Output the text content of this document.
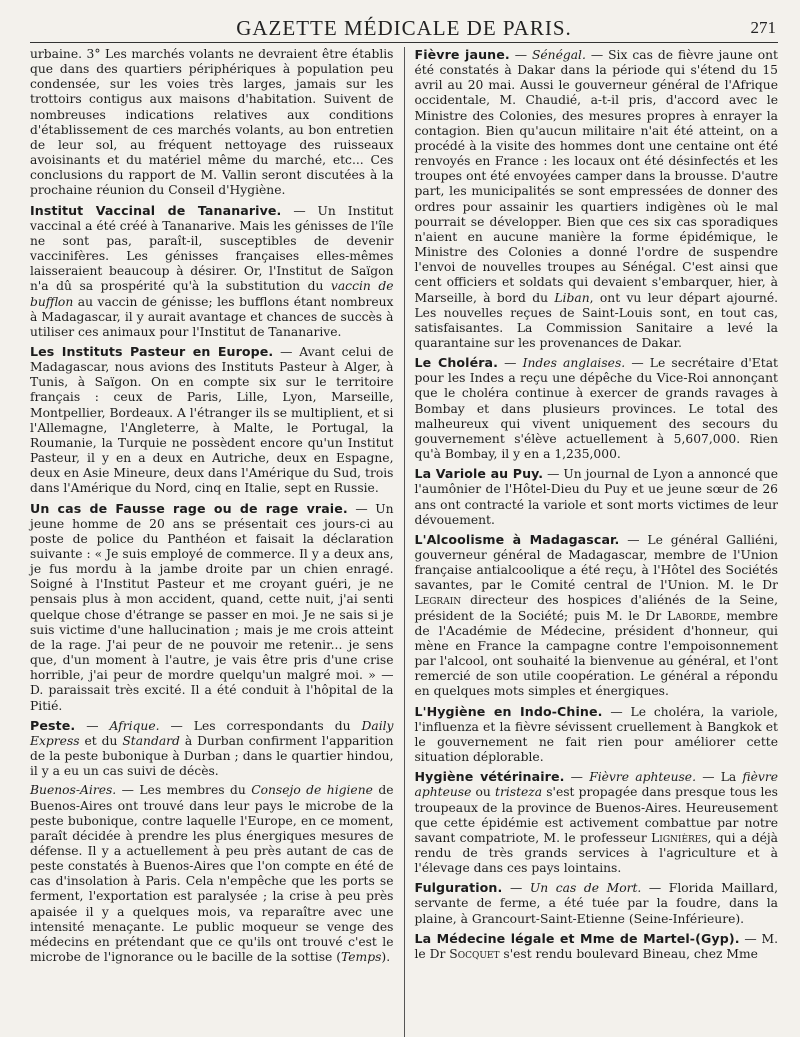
GAZETTE MÉDICALE DE PARIS.	271

urbaine. 3° Les marchés volants ne devraient être établis que dans des quartiers périphériques à population peu condensée, sur les voies très larges, jamais sur les trottoirs contigus aux maisons d'habitation. Suivent de nombreuses indications relatives aux conditions d'établissement de ces marchés volants, au bon entretien de leur sol, au fréquent nettoyage des ruisseaux avoisinants et du matériel même du marché, etc... Ces conclusions du rapport de M. Vallin seront discutées à la prochaine réunion du Conseil d'Hygiène.

Institut Vaccinal de Tananarive. — Un Institut vaccinal a été créé à Tananarive. Mais les génisses de l'île ne sont pas, paraît-il, susceptibles de devenir vaccinifères. Les génisses françaises elles-mêmes laisseraient beaucoup à désirer. Or, l'Institut de Saïgon n'a dû sa prospérité qu'à la substitution du vaccin de bufflon au vaccin de génisse; les bufflons étant nombreux à Madagascar, il y aurait avantage et chances de succès à utiliser ces animaux pour l'Institut de Tananarive.

Les Instituts Pasteur en Europe. — Avant celui de Madagascar, nous avions des Instituts Pasteur à Alger, à Tunis, à Saïgon. On en compte six sur le territoire français : ceux de Paris, Lille, Lyon, Marseille, Montpellier, Bordeaux. A l'étranger ils se multiplient, et si l'Allemagne, l'Angleterre, à Malte, le Portugal, la Roumanie, la Turquie ne possèdent encore qu'un Institut Pasteur, il y en a deux en Autriche, deux en Espagne, deux en Asie Mineure, deux dans l'Amérique du Sud, trois dans l'Amérique du Nord, cinq en Italie, sept en Russie.

Un cas de Fausse rage ou de rage vraie. — Un jeune homme de 20 ans se présentait ces jours-ci au poste de police du Panthéon et faisait la déclaration suivante : « Je suis employé de commerce. Il y a deux ans, je fus mordu à la jambe droite par un chien enragé. Soigné à l'Institut Pasteur et me croyant guéri, je ne pensais plus à mon accident, quand, cette nuit, j'ai senti quelque chose d'étrange se passer en moi. Je ne sais si je suis victime d'une hallucination ; mais je me crois atteint de la rage. J'ai peur de ne pouvoir me retenir... je sens que, d'un moment à l'autre, je vais être pris d'une crise horrible, j'ai peur de mordre quelqu'un malgré moi. » — D. paraissait très excité. Il a été conduit à l'hôpital de la Pitié.

Peste. — Afrique. — Les correspondants du Daily Express et du Standard à Durban confirment l'apparition de la peste bubonique à Durban ; dans le quartier hindou, il y a eu un cas suivi de décès.

Buenos-Aires. — Les membres du Consejo de higiene de Buenos-Aires ont trouvé dans leur pays le microbe de la peste bubonique, contre laquelle l'Europe, en ce moment, paraît décidée à prendre les plus énergiques mesures de défense. Il y a actuellement à peu près autant de cas de peste constatés à Buenos-Aires que l'on compte en été de cas d'insolation à Paris. Cela n'empêche que les ports se ferment, l'exportation est paralysée ; la crise à peu près apaisée il y a quelques mois, va reparaître avec une intensité menaçante. Le public moqueur se venge des médecins en prétendant que ce qu'ils ont trouvé c'est le microbe de l'ignorance ou le bacille de la sottise (Temps).

Fièvre jaune. — Sénégal. — Six cas de fièvre jaune ont été constatés à Dakar dans la période qui s'étend du 15 avril au 20 mai. Aussi le gouverneur général de l'Afrique occidentale, M. Chaudié, a-t-il pris, d'accord avec le Ministre des Colonies, des mesures propres à enrayer la contagion. Bien qu'aucun militaire n'ait été atteint, on a procédé à la visite des hommes dont une centaine ont été renvoyés en France : les locaux ont été désinfectés et les troupes ont été envoyées camper dans la brousse. D'autre part, les municipalités se sont empressées de donner des ordres pour assainir les quartiers indigènes où le mal pourrait se développer. Bien que ces six cas sporadiques n'aient en aucune manière la forme épidémique, le Ministre des Colonies a donné l'ordre de suspendre l'envoi de nouvelles troupes au Sénégal. C'est ainsi que cent officiers et soldats qui devaient s'embarquer, hier, à Marseille, à bord du Liban, ont vu leur départ ajourné. Les nouvelles reçues de Saint-Louis sont, en tout cas, satisfaisantes. La Commission Sanitaire a levé la quarantaine sur les provenances de Dakar.

Le Choléra. — Indes anglaises. — Le secrétaire d'Etat pour les Indes a reçu une dépêche du Vice-Roi annonçant que le choléra continue à exercer de grands ravages à Bombay et dans plusieurs provinces. Le total des malheureux qui vivent uniquement des secours du gouvernement s'élève actuellement à 5,607,000. Rien qu'à Bombay, il y en a 1,235,000.

La Variole au Puy. — Un journal de Lyon a annoncé que l'aumônier de l'Hôtel-Dieu du Puy et ue jeune sœur de 26 ans ont contracté la variole et sont morts victimes de leur dévouement.

L'Alcoolisme à Madagascar. — Le général Galliéni, gouverneur général de Madagascar, membre de l'Union française antialcoolique a été reçu, à l'Hôtel des Sociétés savantes, par le Comité central de l'Union. M. le Dr Legrain directeur des hospices d'aliénés de la Seine, président de la Société; puis M. le Dr Laborde, membre de l'Académie de Médecine, président d'honneur, qui mène en France la campagne contre l'empoisonnement par l'alcool, ont souhaité la bienvenue au général, et l'ont remercié de son utile coopération. Le général a répondu en quelques mots simples et énergiques.

L'Hygiène en Indo-Chine. — Le choléra, la variole, l'influenza et la fièvre sévissent cruellement à Bangkok et le gouvernement ne fait rien pour améliorer cette situation déplorable.

Hygiène vétérinaire. — Fièvre aphteuse. — La fièvre aphteuse ou tristeza s'est propagée dans presque tous les troupeaux de la province de Buenos-Aires. Heureusement que cette épidémie est activement combattue par notre savant compatriote, M. le professeur Lignières, qui a déjà rendu de très grands services à l'agriculture et à l'élevage dans ces pays lointains.

Fulguration. — Un cas de Mort. — Florida Maillard, servante de ferme, a été tuée par la foudre, dans la plaine, à Grancourt-Saint-Etienne (Seine-Inférieure).

La Médecine légale et Mme de Martel-(Gyp). — M. le Dr Socquet s'est rendu boulevard Bineau, chez Mme
